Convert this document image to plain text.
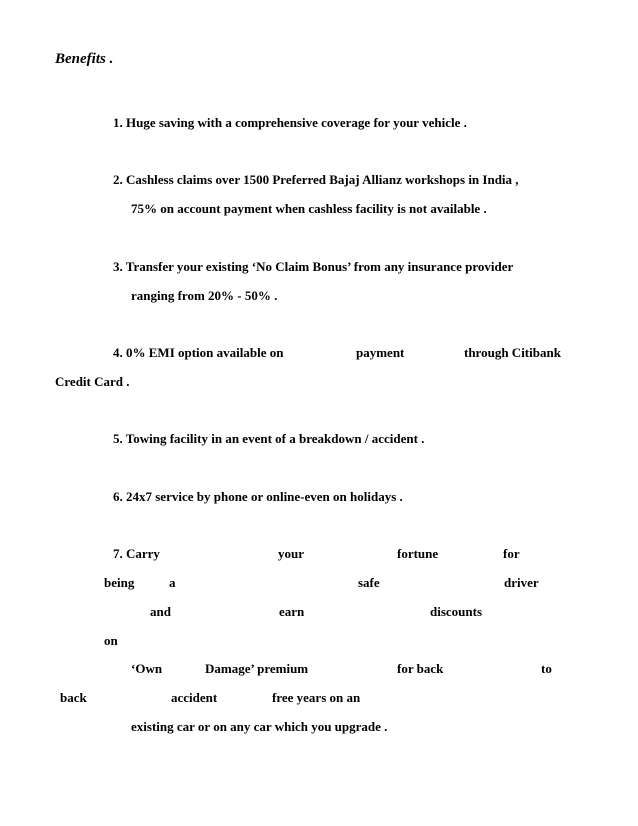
Benefits .
1. Huge saving with a comprehensive coverage for your vehicle .
2. Cashless claims over 1500 Preferred Bajaj Allianz workshops in India ,
75% on account payment when cashless facility is not available .
3. Transfer your existing ‘No Claim Bonus’ from any insurance provider
ranging from 20% - 50% .
4. 0% EMI option available on	payment	through Citibank
Credit Card .
5. Towing facility in an event of a breakdown / accident .
6. 24x7 service by phone or online-even on holidays .
7. Carry	your	fortune	for
being	a	safe	driver
and	earn	discounts
on
‘Own	Damage’ premium	for back	to
back	accident	free years on an
existing car or on any car which you upgrade .
